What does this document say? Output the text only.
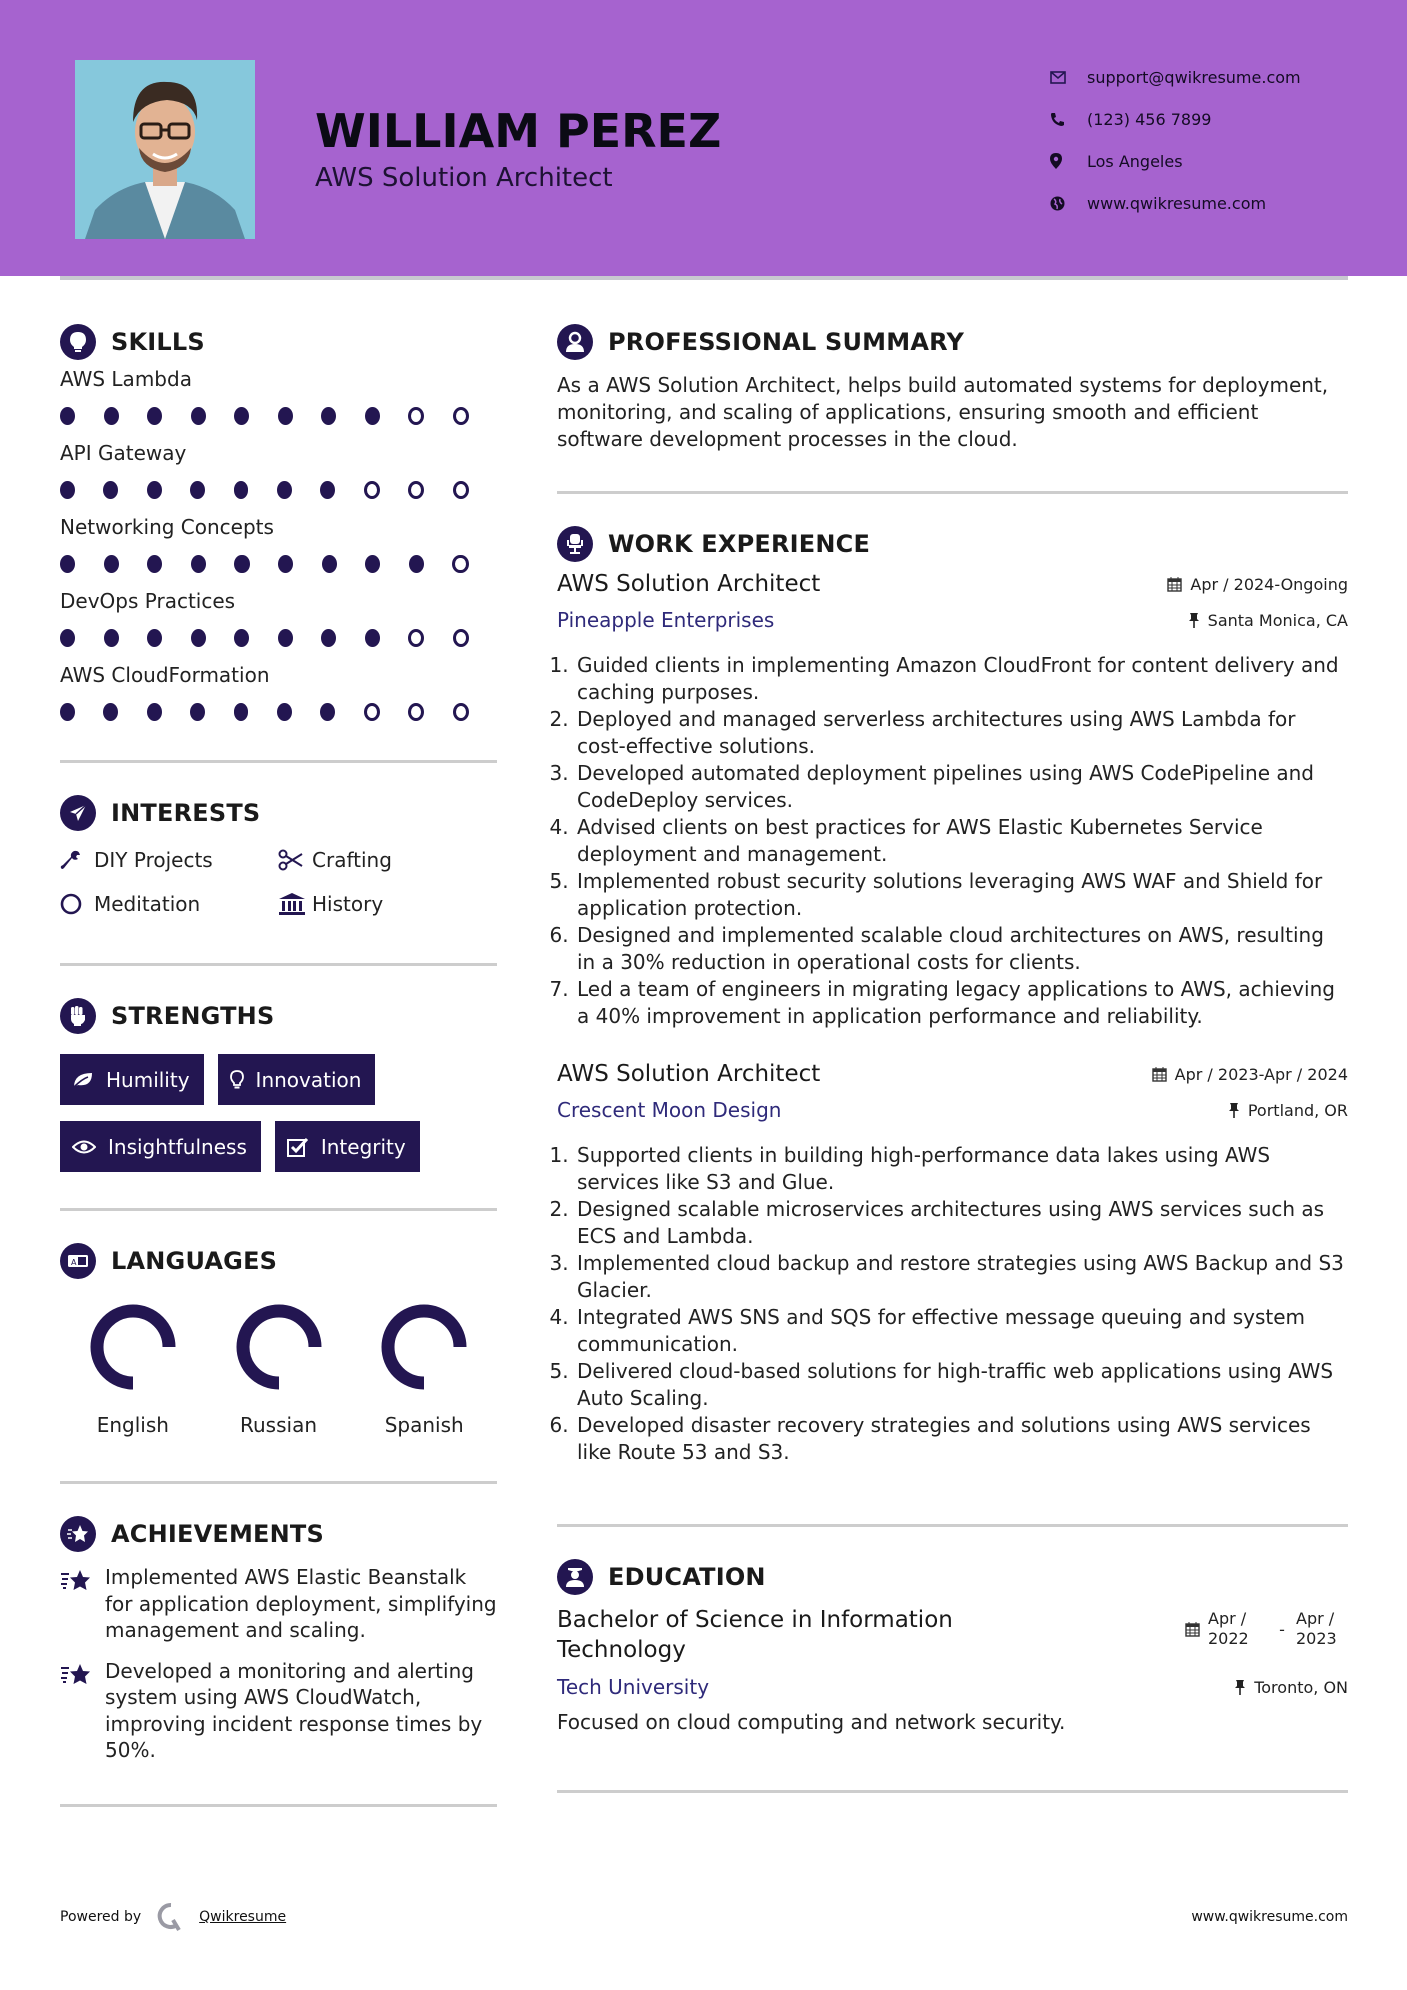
WILLIAM PEREZ
AWS Solution Architect
support@qwikresume.com
(123) 456 7899
Los Angeles
www.qwikresume.com
SKILLS
AWS Lambda
API Gateway
Networking Concepts
DevOps Practices
AWS CloudFormation
INTERESTS
DIY Projects	Crafting
Meditation	History
STRENGTHS
Humility	Innovation
Insightfulness	Integrity
A LANGUAGES
English	Russian	Spanish
ACHIEVEMENTS
Implemented AWS Elastic Beanstalk for application deployment, simplifying management and scaling.
Developed a monitoring and alerting system using AWS CloudWatch, improving incident response times by 50%.
PROFESSIONAL SUMMARY
As a AWS Solution Architect, helps build automated systems for deployment, monitoring, and scaling of applications, ensuring smooth and efficient software development processes in the cloud.
WORK EXPERIENCE
AWS Solution Architect	Apr / 2024-Ongoing
Pineapple Enterprises	Santa Monica, CA
1. Guided clients in implementing Amazon CloudFront for content delivery and caching purposes.
2. Deployed and managed serverless architectures using AWS Lambda for cost-effective solutions.
3. Developed automated deployment pipelines using AWS CodePipeline and CodeDeploy services.
4. Advised clients on best practices for AWS Elastic Kubernetes Service deployment and management.
5. Implemented robust security solutions leveraging AWS WAF and Shield for application protection.
6. Designed and implemented scalable cloud architectures on AWS, resulting in a 30% reduction in operational costs for clients.
7. Led a team of engineers in migrating legacy applications to AWS, achieving a 40% improvement in application performance and reliability.
AWS Solution Architect	Apr / 2023-Apr / 2024
Crescent Moon Design	Portland, OR
1. Supported clients in building high-performance data lakes using AWS services like S3 and Glue.
2. Designed scalable microservices architectures using AWS services such as ECS and Lambda.
3. Implemented cloud backup and restore strategies using AWS Backup and S3 Glacier.
4. Integrated AWS SNS and SQS for effective message queuing and system communication.
5. Delivered cloud-based solutions for high-traffic web applications using AWS Auto Scaling.
6. Developed disaster recovery strategies and solutions using AWS services like Route 53 and S3.
EDUCATION
Bachelor of Science in Information Technology
Apr / 2022	-
Apr / 2023
Tech University	Toronto, ON
Focused on cloud computing and network security.
Powered by	Qwikresume	www.qwikresume.com
